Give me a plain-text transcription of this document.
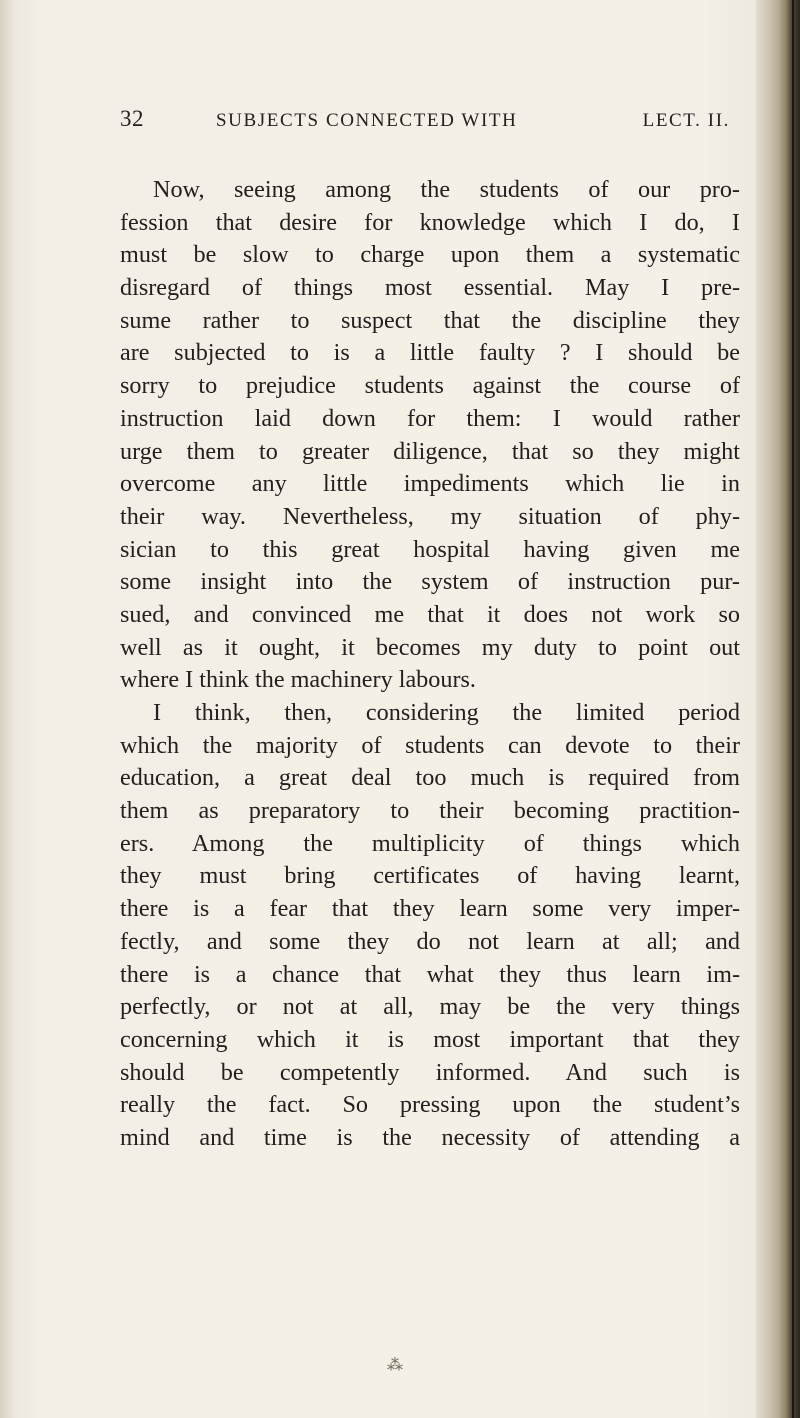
32	SUBJECTS CONNECTED WITH	LECT. II.
Now, seeing among the students of our pro-
fession that desire for knowledge which I do, I
must be slow to charge upon them a systematic
disregard of things most essential. May I pre-
sume rather to suspect that the discipline they
are subjected to is a little faulty ? I should be
sorry to prejudice students against the course of
instruction laid down for them: I would rather
urge them to greater diligence, that so they might
overcome any little impediments which lie in
their way. Nevertheless, my situation of phy-
sician to this great hospital having given me
some insight into the system of instruction pur-
sued, and convinced me that it does not work so
well as it ought, it becomes my duty to point out
where I think the machinery labours.
I think, then, considering the limited period
which the majority of students can devote to their
education, a great deal too much is required from
them as preparatory to their becoming practition-
ers. Among the multiplicity of things which
they must bring certificates of having learnt,
there is a fear that they learn some very imper-
fectly, and some they do not learn at all; and
there is a chance that what they thus learn im-
perfectly, or not at all, may be the very things
concerning which it is most important that they
should be competently informed. And such is
really the fact. So pressing upon the student’s
mind and time is the necessity of attending a
⁂
